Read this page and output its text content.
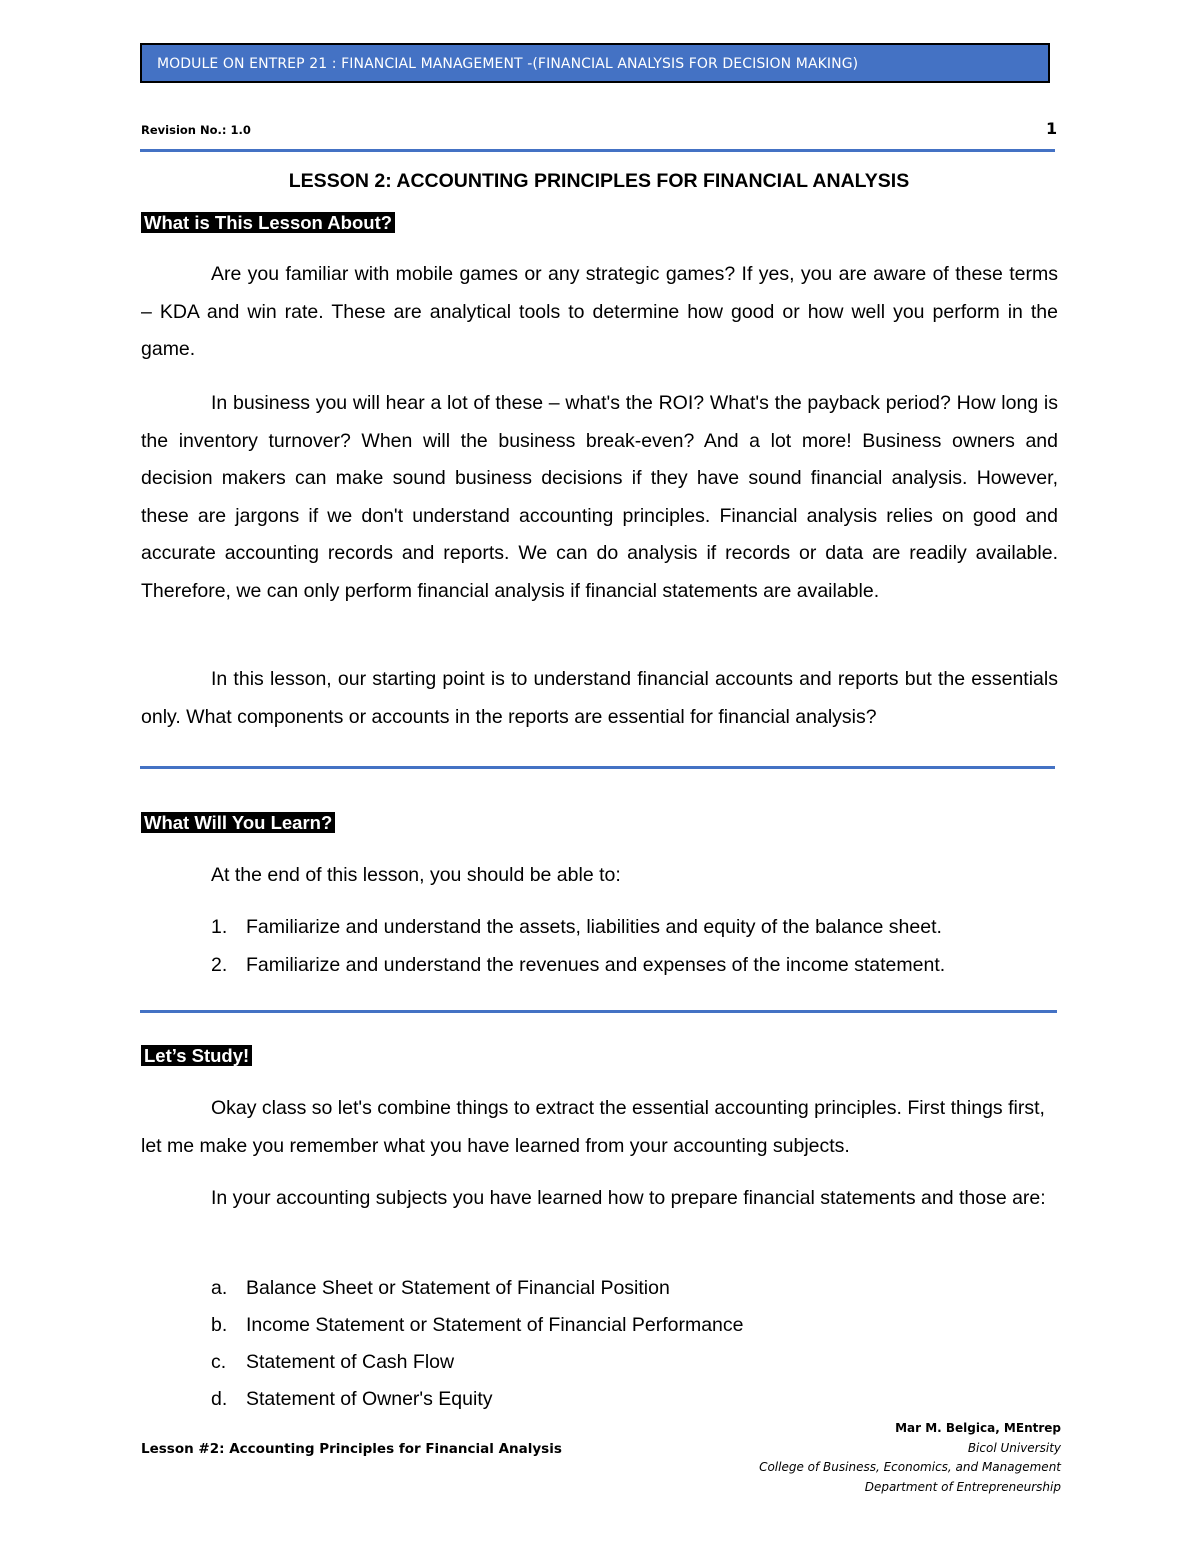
MODULE ON ENTREP 21 : FINANCIAL MANAGEMENT -(FINANCIAL ANALYSIS FOR DECISION MAKING)
Revision No.: 1.0	1
LESSON 2: ACCOUNTING PRINCIPLES FOR FINANCIAL ANALYSIS
What is This Lesson About?
Are you familiar with mobile games or any strategic games? If yes, you are aware of these terms – KDA and win rate. These are analytical tools to determine how good or how well you perform in the game.
In business you will hear a lot of these – what's the ROI? What's the payback period? How long is the inventory turnover? When will the business break-even? And a lot more! Business owners and decision makers can make sound business decisions if they have sound financial analysis. However, these are jargons if we don't understand accounting principles. Financial analysis relies on good and accurate accounting records and reports. We can do analysis if records or data are readily available. Therefore, we can only perform financial analysis if financial statements are available.
In this lesson, our starting point is to understand financial accounts and reports but the essentials only. What components or accounts in the reports are essential for financial analysis?
What Will You Learn?
At the end of this lesson, you should be able to:
1. Familiarize and understand the assets, liabilities and equity of the balance sheet.
2. Familiarize and understand the revenues and expenses of the income statement.
Let’s Study!
Okay class so let's combine things to extract the essential accounting principles. First things first, let me make you remember what you have learned from your accounting subjects.
In your accounting subjects you have learned how to prepare financial statements and those are:
a. Balance Sheet or Statement of Financial Position
b. Income Statement or Statement of Financial Performance
c. Statement of Cash Flow
d. Statement of Owner's Equity
Lesson #2: Accounting Principles for Financial Analysis
Mar M. Belgica, MEntrep
Bicol University
College of Business, Economics, and Management
Department of Entrepreneurship
